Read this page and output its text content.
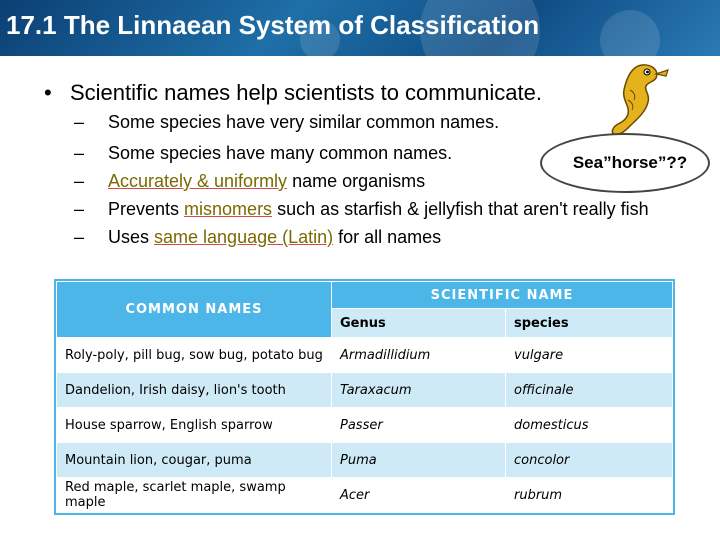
17.1 The Linnaean System of Classification
• Scientific names help scientists to communicate.
– Some species have very similar common names.
– Some species have many common names.
– Accurately & uniformly name organisms
– Prevents misnomers such as starfish & jellyfish that aren't really fish
– Uses same language (Latin) for all names
Sea”horse”??
COMMON NAMES	SCIENTIFIC NAME	
	Genus	species
Roly-poly, pill bug, sow bug, potato bug	Armadillidium	vulgare
Dandelion, Irish daisy, lion's tooth	Taraxacum	officinale
House sparrow, English sparrow	Passer	domesticus
Mountain lion, cougar, puma	Puma	concolor
Red maple, scarlet maple, swamp maple	Acer	rubrum
